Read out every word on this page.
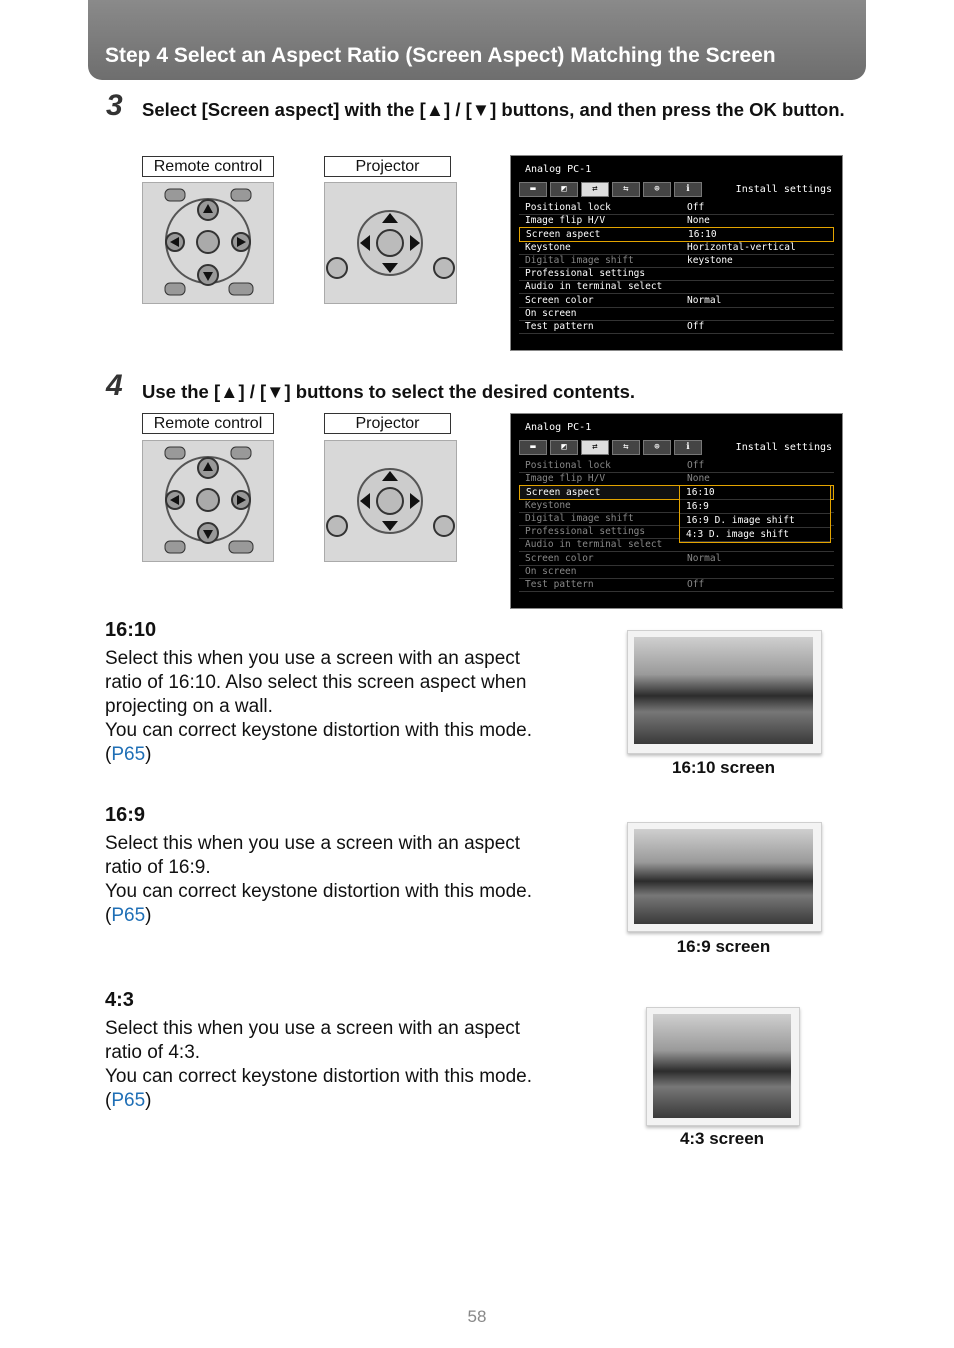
Step 4 Select an Aspect Ratio (Screen Aspect) Matching the Screen
3 Select [Screen aspect] with the [▲] / [▼] buttons, and then press the OK button.
Remote control	Projector	Analog PC-1
▬	◩	⇄	⇆	⊕	ℹ	Install settings
Positional lock	Off
Image flip H/V	None
Screen aspect	16:10
Keystone	Horizontal-vertical keystone
Digital image shift
Professional settings
Audio in terminal select
Screen color	Normal
On screen
Test pattern	Off
4 Use the [▲] / [▼] buttons to select the desired contents.
Remote control	Projector	Analog PC-1
▬	◩	⇄	⇆	⊕	ℹ	Install settings
Positional lock	Off
Image flip H/V	None
Screen aspect
Keystone
Digital image shift
Professional settings
Audio in terminal select
Screen color	Normal
On screen
Test pattern	Off
16:10
16:9
16:9 D. image shift
4:3 D. image shift
16:10
Select this when you use a screen with an aspect
ratio of 16:10. Also select this screen aspect when
projecting on a wall.
You can correct keystone distortion with this mode.
(P65)
16:10 screen
16:9
Select this when you use a screen with an aspect
ratio of 16:9.
You can correct keystone distortion with this mode.
(P65)
16:9 screen
4:3
Select this when you use a screen with an aspect
ratio of 4:3.
You can correct keystone distortion with this mode.
(P65)
4:3 screen
58
